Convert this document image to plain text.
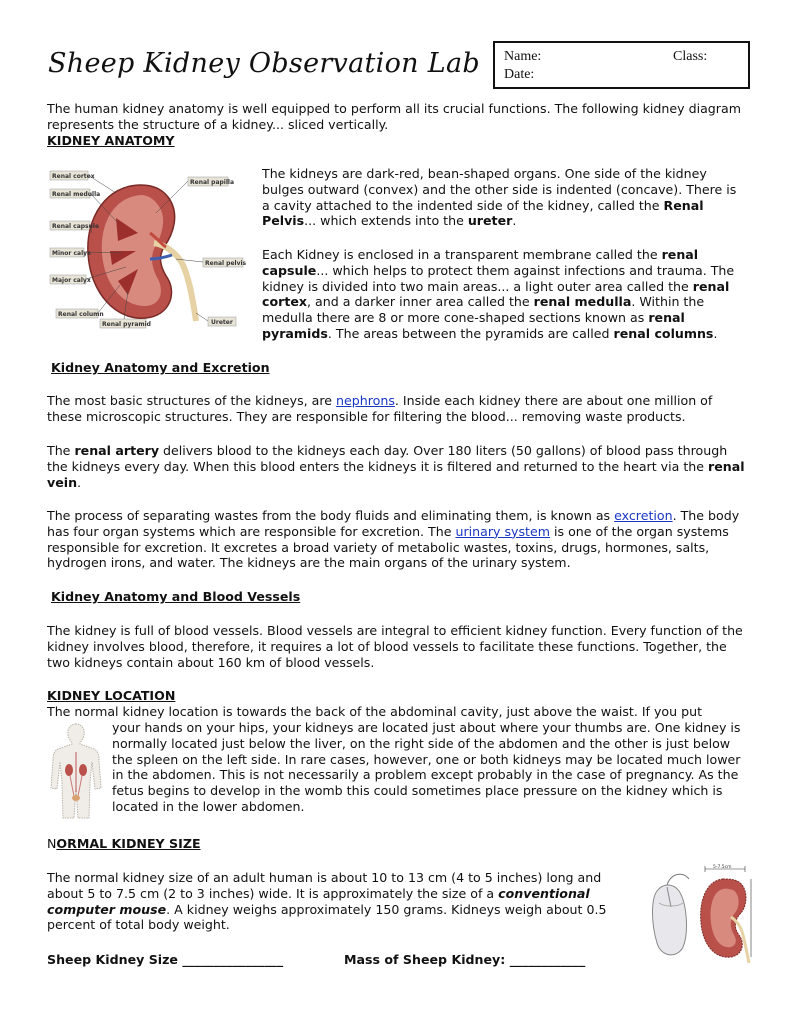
Sheep Kidney Observation Lab Name:	Class:
Date:

The human kidney anatomy is well equipped to perform all its crucial functions. The following kidney diagram represents the structure of a kidney... sliced vertically.

KIDNEY ANATOMY
Renal cortex
Renal medulla
Renal capsule
Minor calyx
Major calyx
Renal column
Renal pyramid
Renal papilla
Renal pelvis
Ureter

The kidneys are dark-red, bean-shaped organs. One side of the kidney bulges outward (convex) and the other side is indented (concave). There is a cavity attached to the indented side of the kidney, called the Renal Pelvis... which extends into the ureter.

Each Kidney is enclosed in a transparent membrane called the renal capsule... which helps to protect them against infections and trauma. The kidney is divided into two main areas... a light outer area called the renal cortex, and a darker inner area called the renal medulla. Within the medulla there are 8 or more cone-shaped sections known as renal pyramids. The areas between the pyramids are called renal columns.

Kidney Anatomy and Excretion

The most basic structures of the kidneys, are nephrons. Inside each kidney there are about one million of these microscopic structures. They are responsible for filtering the blood... removing waste products.

The renal artery delivers blood to the kidneys each day. Over 180 liters (50 gallons) of blood pass through the kidneys every day. When this blood enters the kidneys it is filtered and returned to the heart via the renal vein.

The process of separating wastes from the body fluids and eliminating them, is known as excretion. The body has four organ systems which are responsible for excretion. The urinary system is one of the organ systems responsible for excretion. It excretes a broad variety of metabolic wastes, toxins, drugs, hormones, salts, hydrogen irons, and water. The kidneys are the main organs of the urinary system.

Kidney Anatomy and Blood Vessels

The kidney is full of blood vessels. Blood vessels are integral to efficient kidney function. Every function of the kidney involves blood, therefore, it requires a lot of blood vessels to facilitate these functions. Together, the two kidneys contain about 160 km of blood vessels.

KIDNEY LOCATION

The normal kidney location is towards the back of the abdominal cavity, just above the waist. If you put

your hands on your hips, your kidneys are located just about where your thumbs are. One kidney is normally located just below the liver, on the right side of the abdomen and the other is just below the spleen on the left side. In rare cases, however, one or both kidneys may be located much lower in the abdomen. This is not necessarily a problem except probably in the case of pregnancy. As the fetus begins to develop in the womb this could sometimes place pressure on the kidney which is located in the lower abdomen.

NORMAL KIDNEY SIZE

The normal kidney size of an adult human is about 10 to 13 cm (4 to 5 inches) long and about 5 to 7.5 cm (2 to 3 inches) wide. It is approximately the size of a conventional computer mouse. A kidney weighs approximately 150 grams. Kidneys weigh about 0.5 percent of total body weight.

5-7.5cm
Sheep Kidney Size ________________	Mass of Sheep Kidney: ____________
